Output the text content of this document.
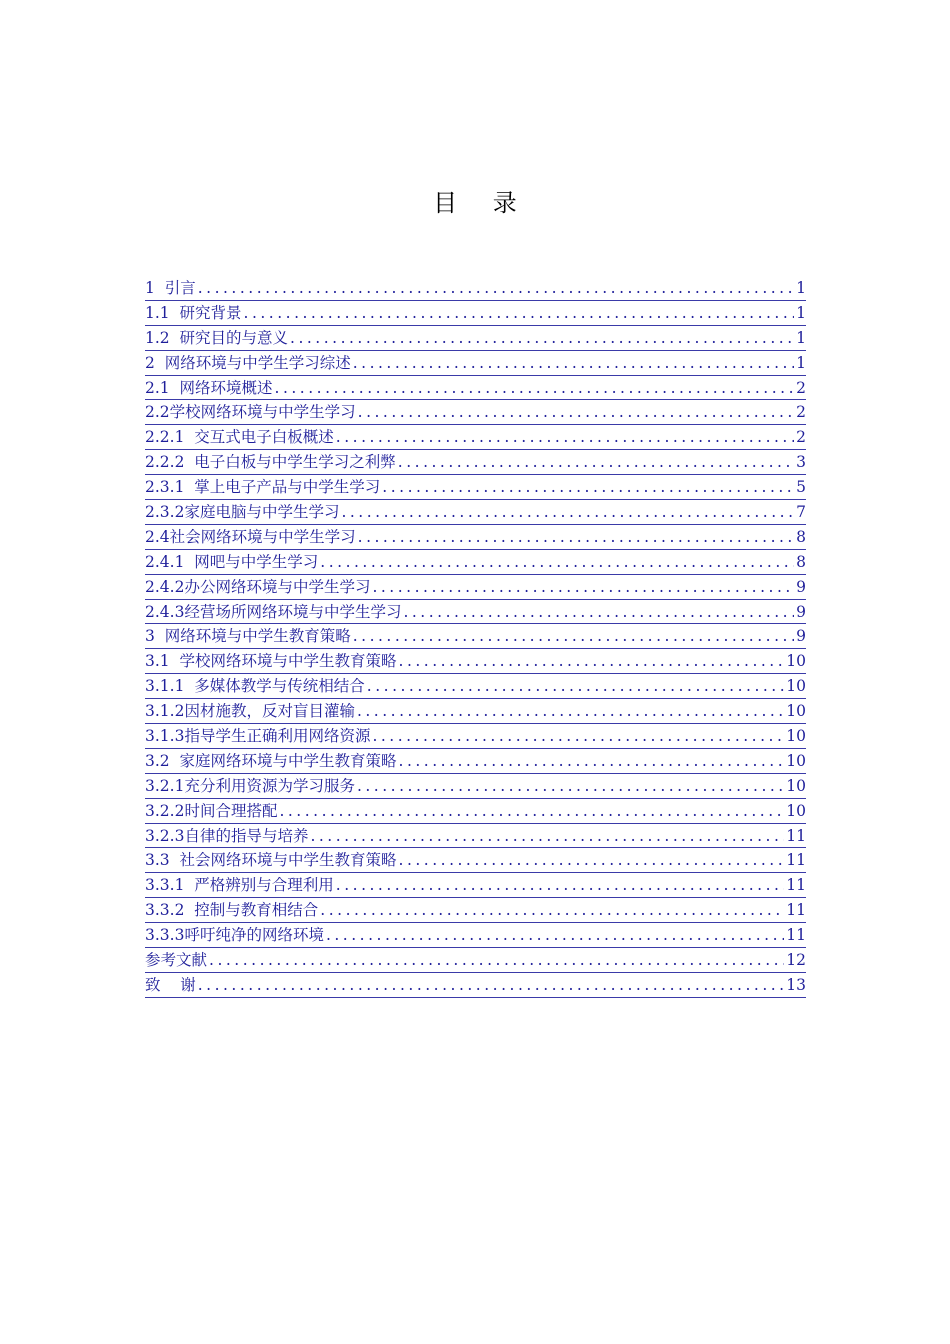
目 录
1  引言 .....	1
1.1  研究背景 .....	1
1.2  研究目的与意义 .....	1
2  网络环境与中学生学习综述 .....	1
2.1  网络环境概述 .....	2
2.2学校网络环境与中学生学习 .....	2
2.2.1  交互式电子白板概述 .....	2
2.2.2  电子白板与中学生学习之利弊 .....	3
2.3.1  掌上电子产品与中学生学习 .....	5
2.3.2家庭电脑与中学生学习 .....	7
2.4社会网络环境与中学生学习 .....	8
2.4.1  网吧与中学生学习 .....	8
2.4.2办公网络环境与中学生学习 .....	9
2.4.3经营场所网络环境与中学生学习 .....	9
3  网络环境与中学生教育策略 .....	9
3.1  学校网络环境与中学生教育策略 .....	10
3.1.1  多媒体教学与传统相结合 .....	10
3.1.2因材施教，反对盲目灌输 .....	10
3.1.3指导学生正确利用网络资源 .....	10
3.2  家庭网络环境与中学生教育策略 .....	10
3.2.1充分利用资源为学习服务 .....	10
3.2.2时间合理搭配 .....	10
3.2.3自律的指导与培养 .....	11
3.3  社会网络环境与中学生教育策略 .....	11
3.3.1  严格辨别与合理利用 .....	11
3.3.2  控制与教育相结合 .....	11
3.3.3呼吁纯净的网络环境 .....	11
参考文献 .....	12
致    谢 .....	13
